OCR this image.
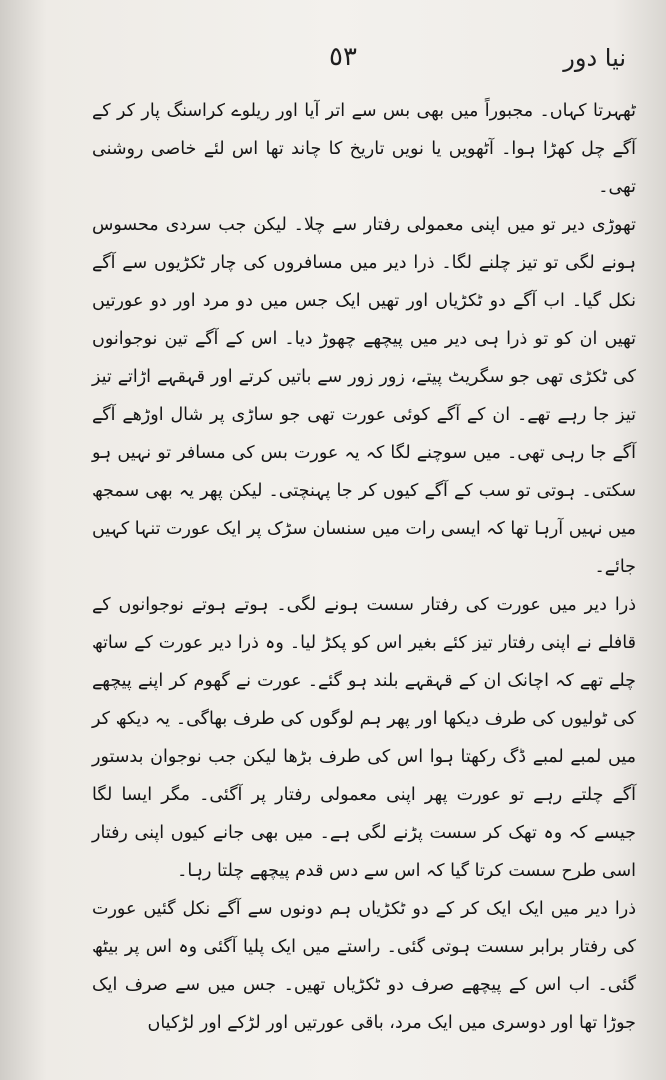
نیا دور
٥٣

ٹھہرتا کہاں۔ مجبوراً میں بھی بس سے اتر آیا اور ریلوے کراسنگ پار کر کے آگے چل کھڑا ہوا۔ آٹھویں یا نویں تاریخ کا چاند تھا اس لئے خاصی روشنی تھی۔

تھوڑی دیر تو میں اپنی معمولی رفتار سے چلا۔ لیکن جب سردی محسوس ہونے لگی تو تیز چلنے لگا۔ ذرا دیر میں مسافروں کی چار ٹکڑیوں سے آگے نکل گیا۔ اب آگے دو ٹکڑیاں اور تھیں ایک جس میں دو مرد اور دو عورتیں تھیں ان کو تو ذرا ہی دیر میں پیچھے چھوڑ دیا۔ اس کے آگے تین نوجوانوں کی ٹکڑی تھی جو سگریٹ پیتے، زور زور سے باتیں کرتے اور قہقہے اڑاتے تیز تیز جا رہے تھے۔ ان کے آگے کوئی عورت تھی جو ساڑی پر شال اوڑھے آگے آگے جا رہی تھی۔ میں سوچنے لگا کہ یہ عورت بس کی مسافر تو نہیں ہو سکتی۔ ہوتی تو سب کے آگے کیوں کر جا پہنچتی۔ لیکن پھر یہ بھی سمجھ میں نہیں آرہا تھا کہ ایسی رات میں سنسان سڑک پر ایک عورت تنہا کہیں جائے۔

ذرا دیر میں عورت کی رفتار سست ہونے لگی۔ ہوتے ہوتے نوجوانوں کے قافلے نے اپنی رفتار تیز کئے بغیر اس کو پکڑ لیا۔ وہ ذرا دیر عورت کے ساتھ چلے تھے کہ اچانک ان کے قہقہے بلند ہو گئے۔ عورت نے گھوم کر اپنے پیچھے کی ٹولیوں کی طرف دیکھا اور پھر ہم لوگوں کی طرف بھاگی۔ یہ دیکھ کر میں لمبے لمبے ڈگ رکھتا ہوا اس کی طرف بڑھا لیکن جب نوجوان بدستور آگے چلتے رہے تو عورت پھر اپنی معمولی رفتار پر آگئی۔ مگر ایسا لگا جیسے کہ وہ تھک کر سست پڑنے لگی ہے۔ میں بھی جانے کیوں اپنی رفتار اسی طرح سست کرتا گیا کہ اس سے دس قدم پیچھے چلتا رہا۔

ذرا دیر میں ایک ایک کر کے دو ٹکڑیاں ہم دونوں سے آگے نکل گئیں عورت کی رفتار برابر سست ہوتی گئی۔ راستے میں ایک پلیا آگئی وہ اس پر بیٹھ گئی۔ اب اس کے پیچھے صرف دو ٹکڑیاں تھیں۔ جس میں سے صرف ایک جوڑا تھا اور دوسری میں ایک مرد، باقی عورتیں اور لڑکے اور لڑکیاں
